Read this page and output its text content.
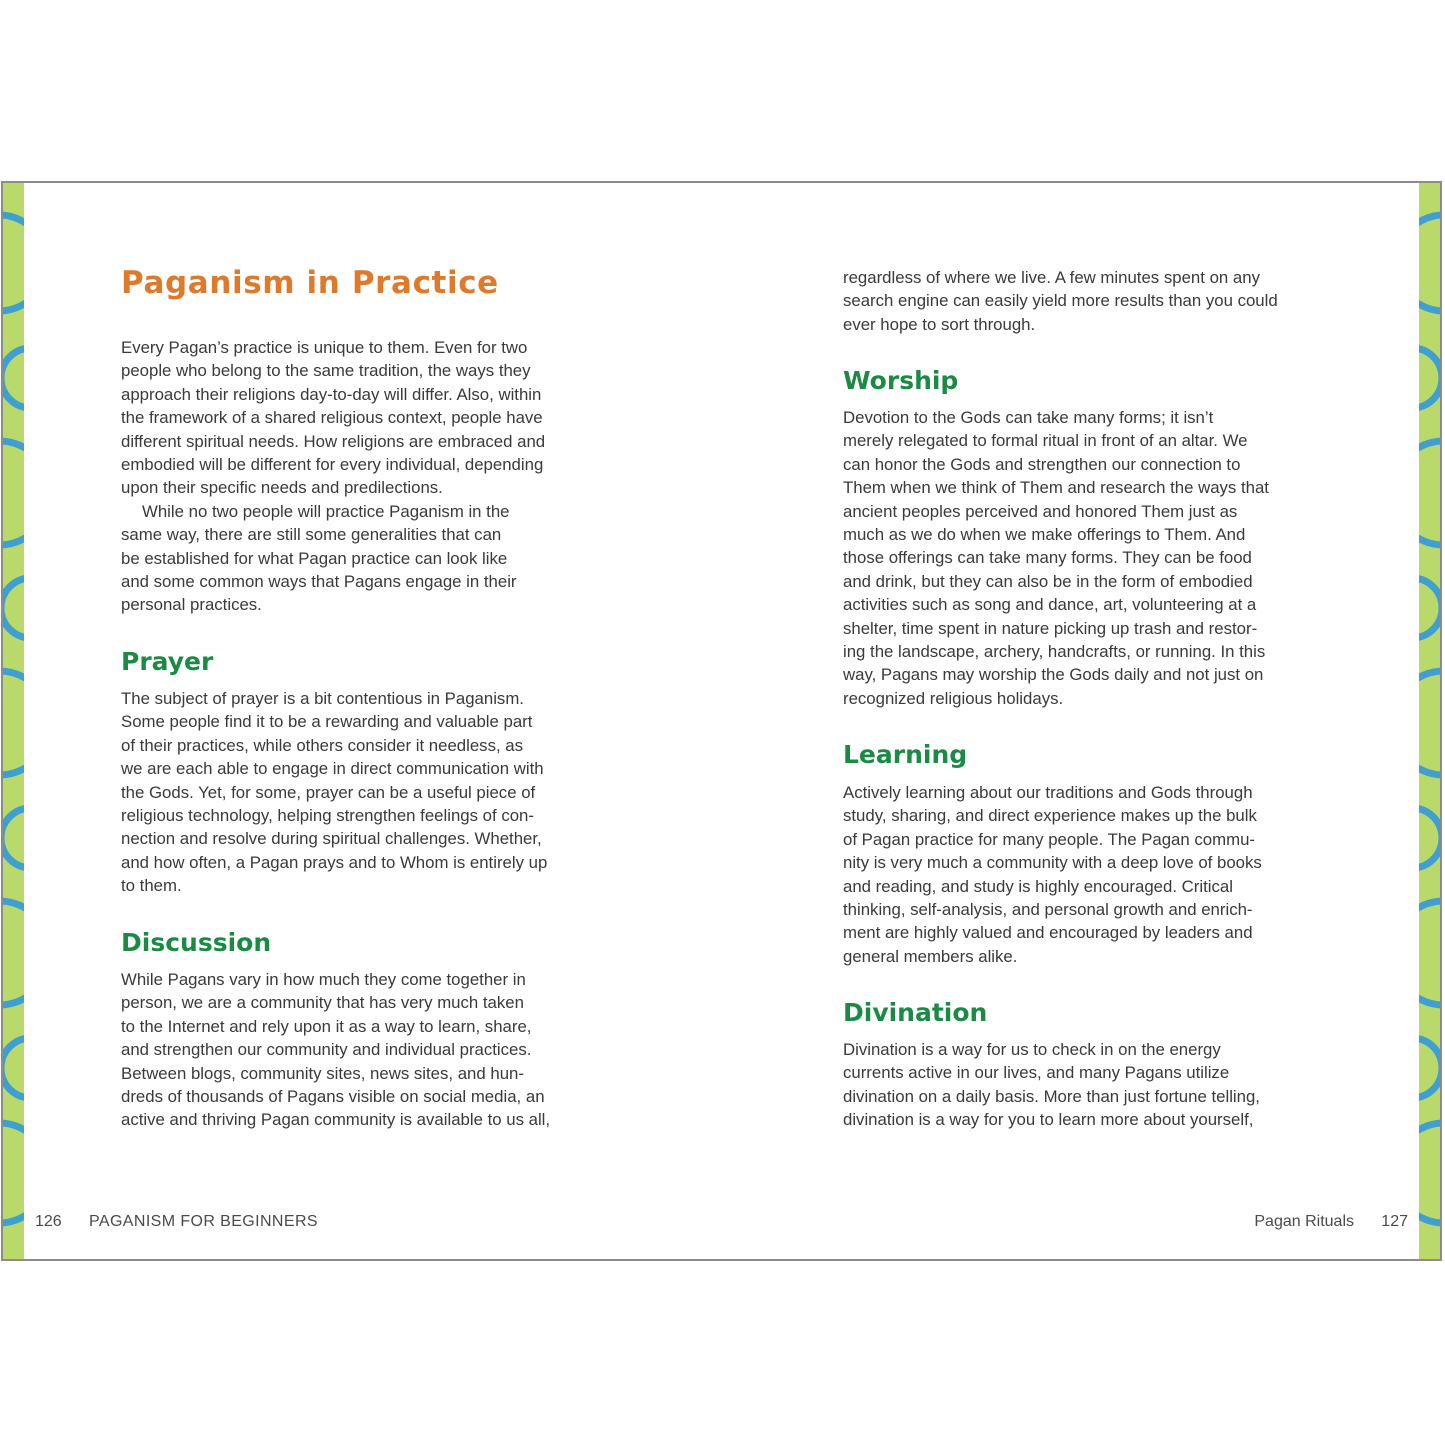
Paganism in Practice
Every Pagan’s practice is unique to them. Even for two
people who belong to the same tradition, the ways they
approach their religions day-to-day will differ. Also, within
the framework of a shared religious context, people have
different spiritual needs. How religions are embraced and
embodied will be different for every individual, depending
upon their specific needs and predilections.
While no two people will practice Paganism in the
same way, there are still some generalities that can
be established for what Pagan practice can look like
and some common ways that Pagans engage in their
personal practices.
Prayer
The subject of prayer is a bit contentious in Paganism.
Some people find it to be a rewarding and valuable part
of their practices, while others consider it needless, as
we are each able to engage in direct communication with
the Gods. Yet, for some, prayer can be a useful piece of
religious technology, helping strengthen feelings of con-
nection and resolve during spiritual challenges. Whether,
and how often, a Pagan prays and to Whom is entirely up
to them.
Discussion
While Pagans vary in how much they come together in
person, we are a community that has very much taken
to the Internet and rely upon it as a way to learn, share,
and strengthen our community and individual practices.
Between blogs, community sites, news sites, and hun-
dreds of thousands of Pagans visible on social media, an
active and thriving Pagan community is available to us all,
regardless of where we live. A few minutes spent on any
search engine can easily yield more results than you could
ever hope to sort through.
Worship
Devotion to the Gods can take many forms; it isn’t
merely relegated to formal ritual in front of an altar. We
can honor the Gods and strengthen our connection to
Them when we think of Them and research the ways that
ancient peoples perceived and honored Them just as
much as we do when we make offerings to Them. And
those offerings can take many forms. They can be food
and drink, but they can also be in the form of embodied
activities such as song and dance, art, volunteering at a
shelter, time spent in nature picking up trash and restor-
ing the landscape, archery, handcrafts, or running. In this
way, Pagans may worship the Gods daily and not just on
recognized religious holidays.
Learning
Actively learning about our traditions and Gods through
study, sharing, and direct experience makes up the bulk
of Pagan practice for many people. The Pagan commu-
nity is very much a community with a deep love of books
and reading, and study is highly encouraged. Critical
thinking, self-analysis, and personal growth and enrich-
ment are highly valued and encouraged by leaders and
general members alike.
Divination
Divination is a way for us to check in on the energy
currents active in our lives, and many Pagans utilize
divination on a daily basis. More than just fortune telling,
divination is a way for you to learn more about yourself,
126 PAGANISM FOR BEGINNERS	Pagan Rituals 127
